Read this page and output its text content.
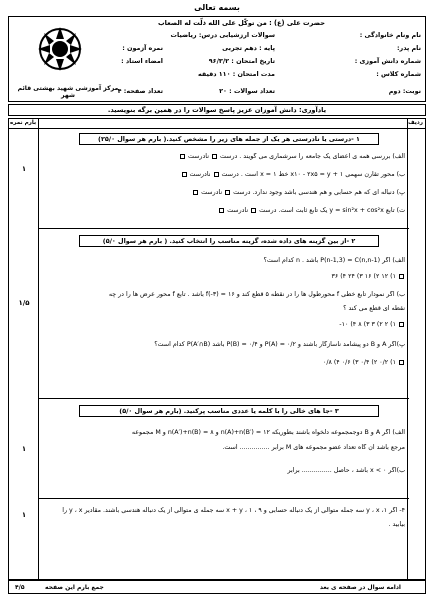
بسمه تعالی
مرکز آموزشی شهید بهشتی قائم شهر
حضرت علی (ع) : من توکّل علی الله ذلّت له الصعاب
نام ونام خانوادگی :
سوالات ارزشیابی درس: ریاضیات
نام پدر:
پایه : دهم تجربی
نمره آزمون :
شماره دانش آموزی :
تاریخ امتحان : ۹۶/۳/۲
امضاء استاد :
شماره کلاس :
مدت امتحان : ۱۱۰ دقیقه
نوبت: دوم
تعداد سوالات : ۲۰
تعداد صفحه: ۴
یادآوری: دانش آموزان عزیز پاسخ سوالات را در همین برگه بنویسید.
ردیف
بارم نمره
۱ -درستی یا نادرستی هر یک از جمله های زیر را مشخص کنید.( بارم هر سوال ۲۵/۰)
الف) بررسی همه ی اعضای یک جامعه را سرشماری می گویند . درست  نادرست
ب) محور تقارن سهمی ۱ + x۱۰ - ۲x۵ = y خط ۱ = x است . درست  نادرست
پ) دنباله ای که هم حسابی و هم هندسی باشد وجود ندارد. درست  نادرست
ت) تابع y = sin²x + cos²x یک تابع ثابت است. درست  نادرست
۱
۲ -از بین گزینه های داده شده، گزینه مناسب را انتخاب کنید. ( بارم هر سوال ۵/۰)
الف) اگر P(n-1,3) = C(n,n-1) باشد . n کدام است؟
۱) ۱۲ ۲) ۱۶ ۳) ۲۴ ۴) ۳۶
ب) اگر نمودار تابع خطی f محورطول ها را در نقطه ۵ قطع کند و ۱۶ = (۳-)f باشد . تابع f محور عرض ها را در چه
نقطه ای قطع می کند ؟
۱) ۲ ۲) ۳ ۳) ۸ ۴) ۱۰-
پ)اگر A و B دو پیشامد ناسازگار باشند و ۰/۲ = P(A) و ۰/۴ = P(B) باشد P(A′∩B) کدام است؟
۱) ۰/۲ ۲) ۰/۴ ۳) ۰/۶ ۴) ۰/۸
۱/۵
۳ -جا های خالی را با کلمه یا عددی مناسب پرکنید. (بارم هر سوال ۵/۰)
الف) اگر A و B دوجمجموعه دلخواه باشند بطوریکه ۱۲ = n(A)+n(B′) و ۸ = n(A′)+n(B) و M مجموعه
مرجع باشد آن گاه تعداد عضو مجموعه های M برابر ............... است.
ب)اگر ۰ > x باشد ، حاصل ............... برابر
۱
۴- اگر ۱، y ، x سه جمله متوالی از یک دنباله حسابی و ۹ ، x + y ، ۱ سه جمله ی متوالی از یک دنباله هندسی باشند. مقادیر y ، x را
بیابید .
۱
ادامه سوال در صفحه ی بعد
جمع بارم این صفحه
۴/۵
